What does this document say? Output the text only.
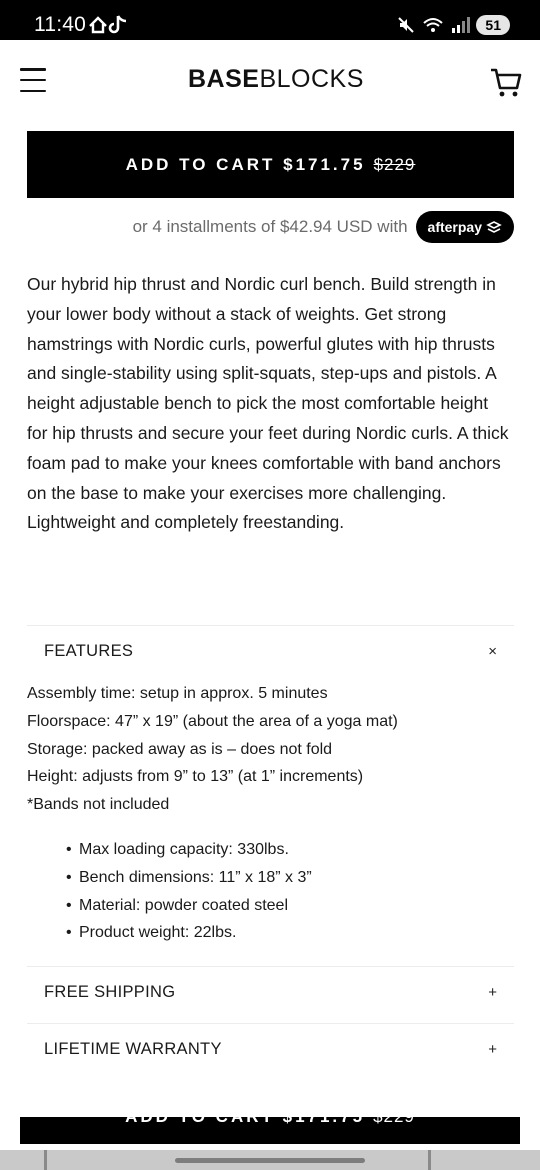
11:40	51
BASEBLOCKS
ADD TO CART $171.75 $229
or 4 installments of $42.94 USD with afterpay

Our hybrid hip thrust and Nordic curl bench. Build strength in your lower body without a stack of weights. Get strong hamstrings with Nordic curls, powerful glutes with hip thrusts and single-stability using split-squats, step-ups and pistols. A height adjustable bench to pick the most comfortable height for hip thrusts and secure your feet during Nordic curls. A thick foam pad to make your knees comfortable with band anchors on the base to make your exercises more challenging. Lightweight and completely freestanding.

FEATURES	×
Assembly time: setup in approx. 5 minutes
Floorspace: 47” x 19” (about the area of a yoga mat)
Storage: packed away as is – does not fold
Height: adjusts from 9” to 13” (at 1” increments)
*Bands not included
• Max loading capacity: 330lbs.
• Bench dimensions: 11” x 18” x 3”
• Material: powder coated steel
• Product weight: 22lbs.
FREE SHIPPING	+
LIFETIME WARRANTY	+
ADD TO CART $171.75 $229
